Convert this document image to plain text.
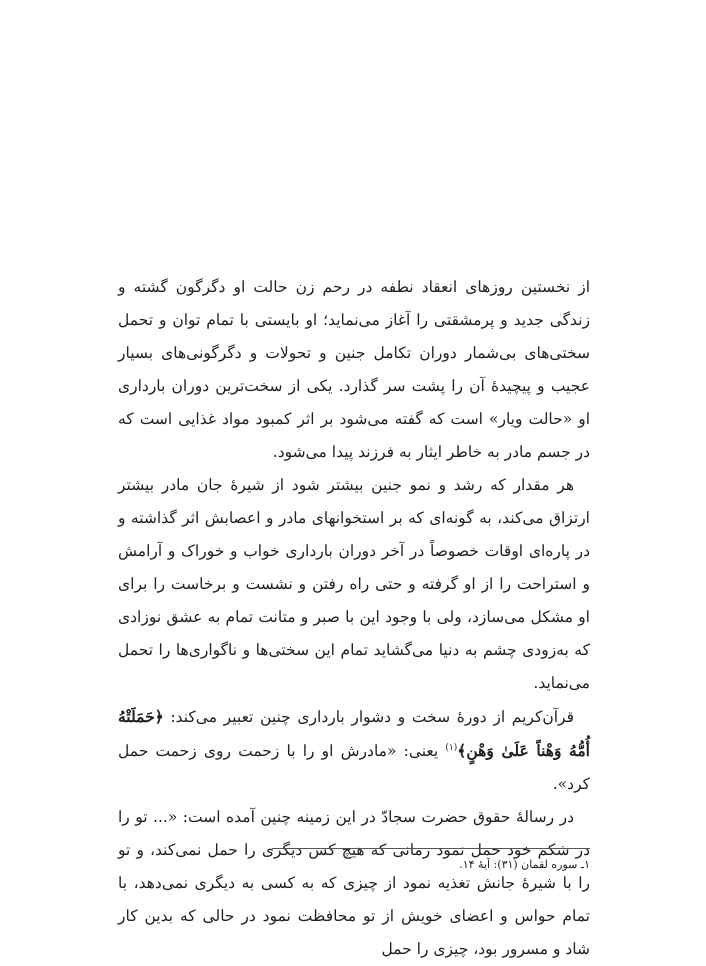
از نخستین روزهای انعقاد نطفه در رحم زن حالت او دگرگون گشته و زندگی جدید و پرمشقتی را آغاز می‌نماید؛ او بایستی با تمام توان و تحمل سختی‌های بی‌شمار دوران تکامل جنین و تحولات و دگرگونی‌های بسیار عجیب و پیچیدهٔ آن را پشت سر گذارد. یکی از سخت‌ترین دوران بارداری او «حالت ویار» است که گفته می‌شود بر اثر کمبود مواد غذایی است که در جسم مادر به خاطر ایثار به فرزند پیدا می‌شود.

هر مقدار که رشد و نمو جنین بیشتر شود از شیرهٔ جان مادر بیشتر ارتزاق می‌کند، به گونه‌ای که بر استخوانهای مادر و اعصابش اثر گذاشته و در پاره‌ای اوقات خصوصاً در آخر دوران بارداری خواب و خوراک و آرامش و استراحت را از او گرفته و حتی راه رفتن و نشست و برخاست را برای او مشکل می‌سازد، ولی با وجود این با صبر و متانت تمام به عشق نوزادی که به‌زودی چشم به دنیا می‌گشاید تمام این سختی‌ها و ناگواری‌ها را تحمل می‌نماید.

قرآن‌کریم از دورهٔ سخت و دشوار بارداری چنین تعبیر می‌کند: ﴿حَمَلَتْهُ أُمُّهُ وَهْناً عَلَىٰ وَهْنٍ﴾$^{(۱)}$ یعنی: «مادرش او را با زحمت روی زحمت حمل کرد».

در رسالهٔ حقوق حضرت سجادّ در این زمینه چنین آمده است: «... تو را در شکم خود حمل نمود زمانی که هیچ کس دیگری را حمل نمی‌کند، و تو را با شیرهٔ جانش تغذیه نمود از چیزی که به کسی به دیگری نمی‌دهد، با تمام حواس و اعضای خویش از تو محافظت نمود در حالی که بدین کار شاد و مسرور بود، چیزی را حمل

۱ـ سوره لقمان (۳۱): آیهٔ ۱۴.
